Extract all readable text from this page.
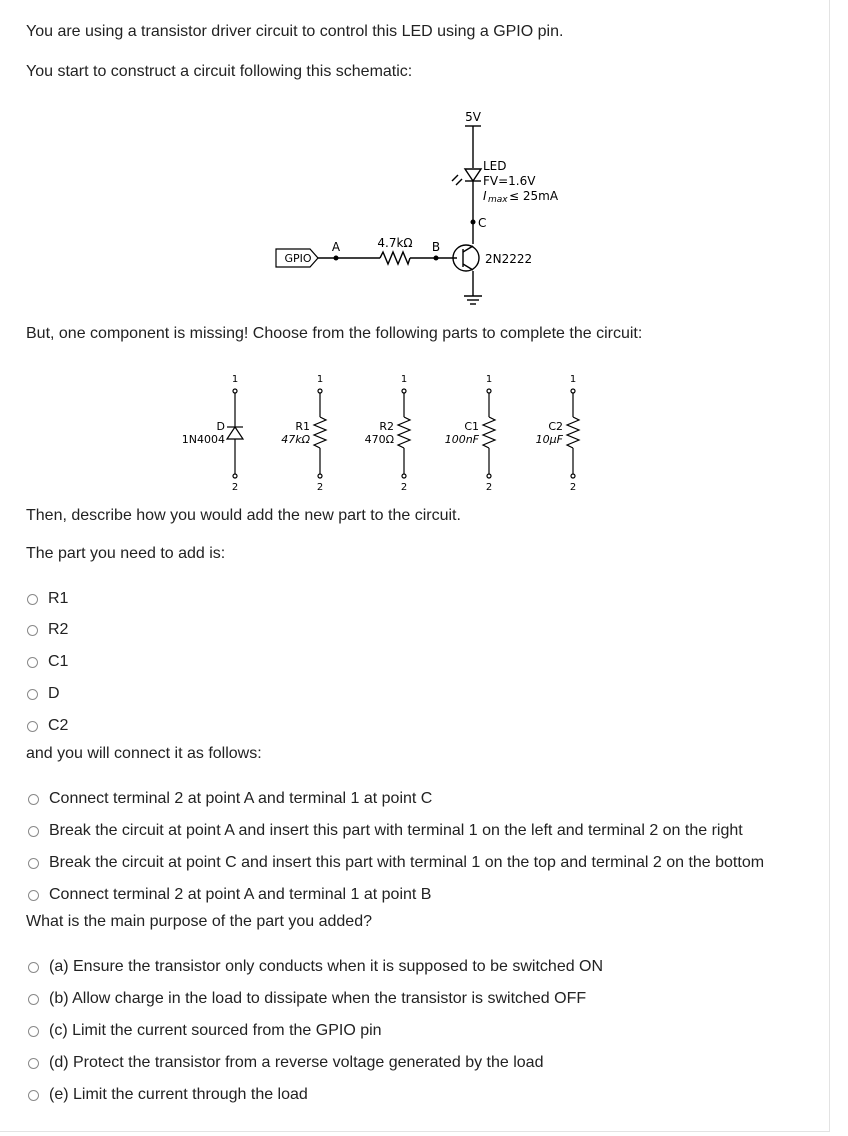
You are using a transistor driver circuit to control this LED using a GPIO pin.
You start to construct a circuit following this schematic:
GPIO
5V
LED
FV=1.6V
I max ≤ 25mA
C
A	B
4.7kΩ
2N2222
But, one component is missing! Choose from the following parts to complete the circuit:
1
2
D
1N4004
1
2
R1
47kΩ
1
2
R2
470Ω
1
2
C1
100nF
1
2
C2
10µF
Then, describe how you would add the new part to the circuit.
The part you need to add is:
R1
R2
C1
D
C2
and you will connect it as follows:
Connect terminal 2 at point A and terminal 1 at point C
Break the circuit at point A and insert this part with terminal 1 on the left and terminal 2 on the right
Break the circuit at point C and insert this part with terminal 1 on the top and terminal 2 on the bottom
Connect terminal 2 at point A and terminal 1 at point B
What is the main purpose of the part you added?
(a) Ensure the transistor only conducts when it is supposed to be switched ON
(b) Allow charge in the load to dissipate when the transistor is switched OFF
(c) Limit the current sourced from the GPIO pin
(d) Protect the transistor from a reverse voltage generated by the load
(e) Limit the current through the load
